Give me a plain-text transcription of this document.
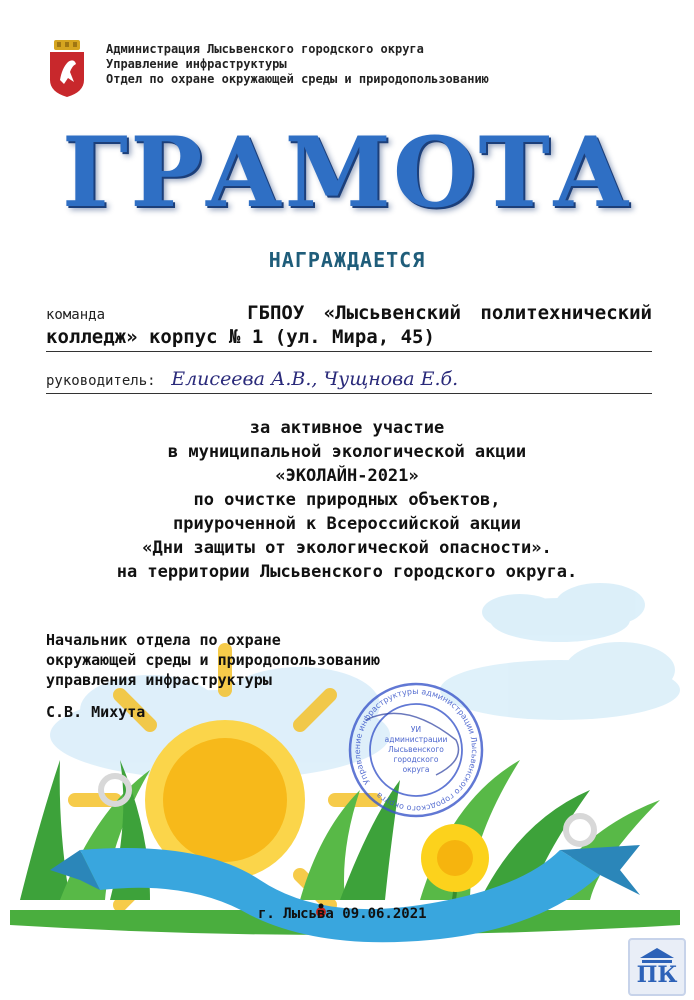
Администрация Лысьвенского городского округа
Управление инфраструктуры
Отдел по охране окружающей среды и природопользованию
ГРАМОТА
НАГРАЖДАЕТСЯ
команда	ГБПОУ «Лысьвенский политехнический
колледж» корпус № 1 (ул. Мира, 45)
руководитель: Елисеева А.В., Чущнова Е.б.
за активное участие
в муниципальной экологической акции
«ЭКОЛАЙН-2021»
по очистке природных объектов,
приуроченной к Всероссийской акции
«Дни защиты от экологической опасности».
на территории Лысьвенского городского округа.
Начальник отдела по охране
окружающей среды и природопользованию
управления инфраструктуры
С.В. Михута
Управление инфраструктуры администрации Лысьвенского городского округа
УИ
администрации
Лысьвенского
городского
округа
г. Лысьва 09.06.2021
ПК
